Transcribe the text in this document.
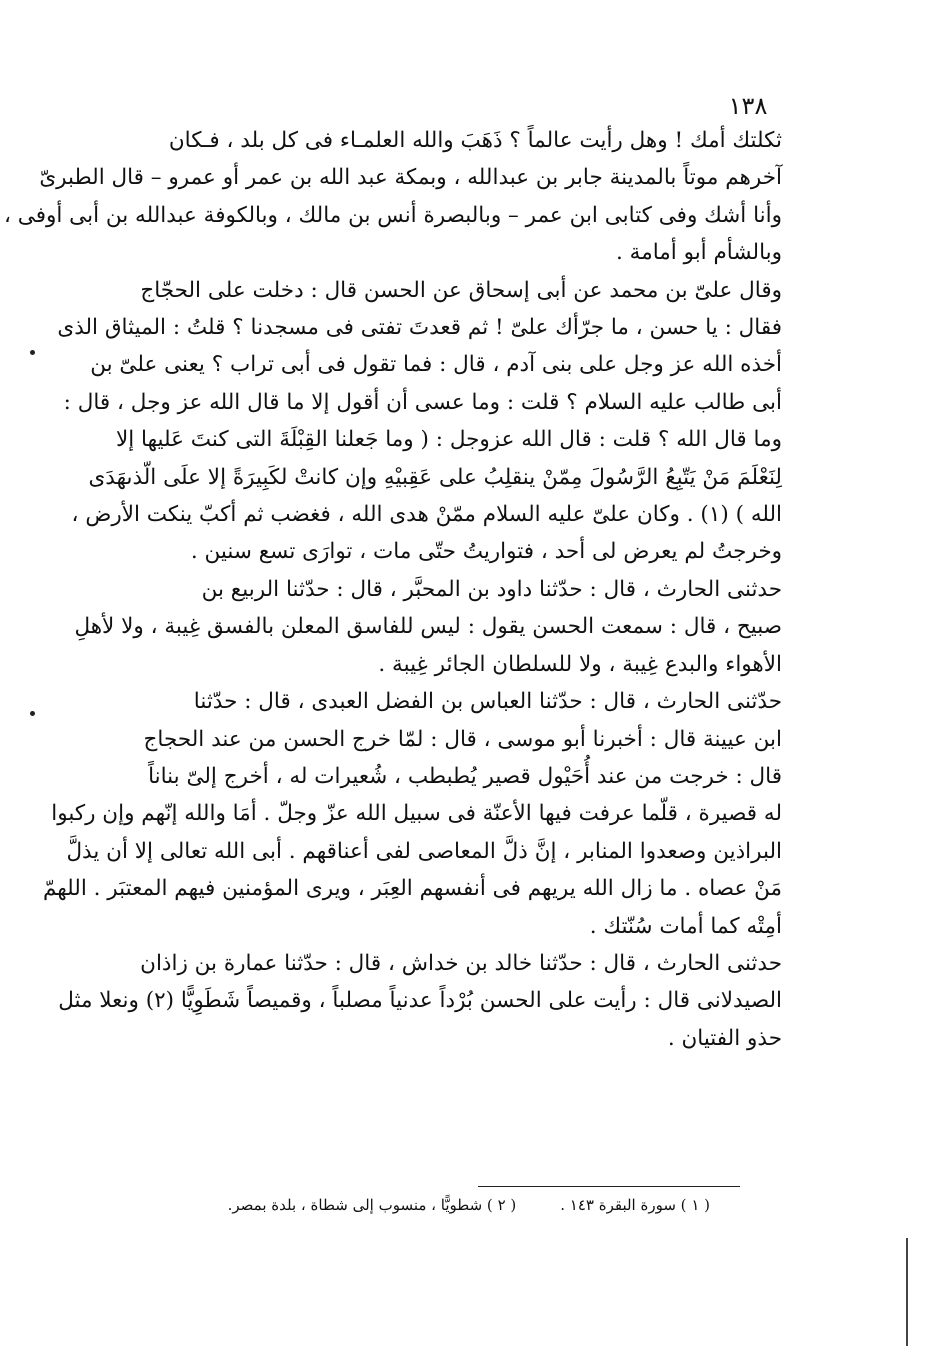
١٣٨
ثكلتك أمك ! وهل رأيت عالماً ؟ ذَهَبَ والله العلمـاء فى كل بلد ، فـكان
آخرهم موتاً بالمدينة جابر بن عبدالله ، وبمكة عبد الله بن عمر أو عمرو – قال الطبرىّ
وأنا أشك وفى كتابى ابن عمر – وبالبصرة أنس بن مالك ، وبالكوفة عبدالله بن أبى أوفى ،
وبالشأم أبو أمامة .
وقال علىّ بن محمد عن أبى إسحاق عن الحسن قال : دخلت على الحجّاج
فقال : يا حسن ، ما جرّأك علىّ ! ثم قعدتَ تفتى فى مسجدنا ؟ قلتُ : الميثاق الذى
أخذه الله عز وجل على بنى آدم ، قال : فما تقول فى أبى تراب ؟ يعنى علىّ بن
أبى طالب عليه السلام ؟ قلت : وما عسى أن أقول إلا ما قال الله عز وجل ، قال :
وما قال الله ؟ قلت : قال الله عزوجل : ( وما جَعلنا القِبْلَةَ التى كنتَ عَليها إلا
لِنَعْلَمَ مَنْ يَتّبِعُ الرَّسُولَ مِمّنْ ينقلِبُ على عَقِبيْهِ وإن كانتْ لكَبِيرَةً إلا علَى الّذىهَدَى
الله ) (١) . وكان علىّ عليه السلام ممّنْ هدى الله ، فغضب ثم أكبّ ينكت الأرض ،
وخرجتُ لم يعرض لى أحد ، فتواريتُ حتّى مات ، توارَى تسع سنين .
حدثنى الحارث ، قال : حدّثنا داود بن المحبَّر ، قال : حدّثنا الربيع بن
صبيح ، قال : سمعت الحسن يقول : ليس للفاسق المعلن بالفسق غِيبة ، ولا لأهلِ
الأهواء والبدع غِيبة ، ولا للسلطان الجائر غِيبة .
حدّثنى الحارث ، قال : حدّثنا العباس بن الفضل العبدى ، قال : حدّثنا
ابن عيينة قال : أخبرنا أبو موسى ، قال : لمّا خرج الحسن من عند الحجاج
قال : خرجت من عند أُحَيْول قصير يُطبطب ، شُعيرات له ، أخرج إلىّ بناناً
له قصيرة ، قلّما عرفت فيها الأعنّة فى سبيل الله عزّ وجلّ . أمَا والله إنّهم وإن ركبوا
البراذين وصعدوا المنابر ، إنَّ ذلَّ المعاصى لفى أعناقهم . أبى الله تعالى إلا أن يذلَّ
مَنْ عصاه . ما زال الله يريهم فى أنفسهم العِبَر ، ويرى المؤمنين فيهم المعتبَر . اللهمّ
أمِتْه كما أمات سُنّتك .
حدثنى الحارث ، قال : حدّثنا خالد بن خداش ، قال : حدّثنا عمارة بن زاذان
الصيدلانى قال : رأيت على الحسن بُرْداً عدنياً مصلباً ، وقميصاً شَطَوِيًّا (٢) ونعلا مثل
حذو الفتيان .
( ١ ) سورة البقرة ١٤٣ .
( ٢ ) شطويًّا ، منسوب إلى شطاة ، بلدة بمصر.
